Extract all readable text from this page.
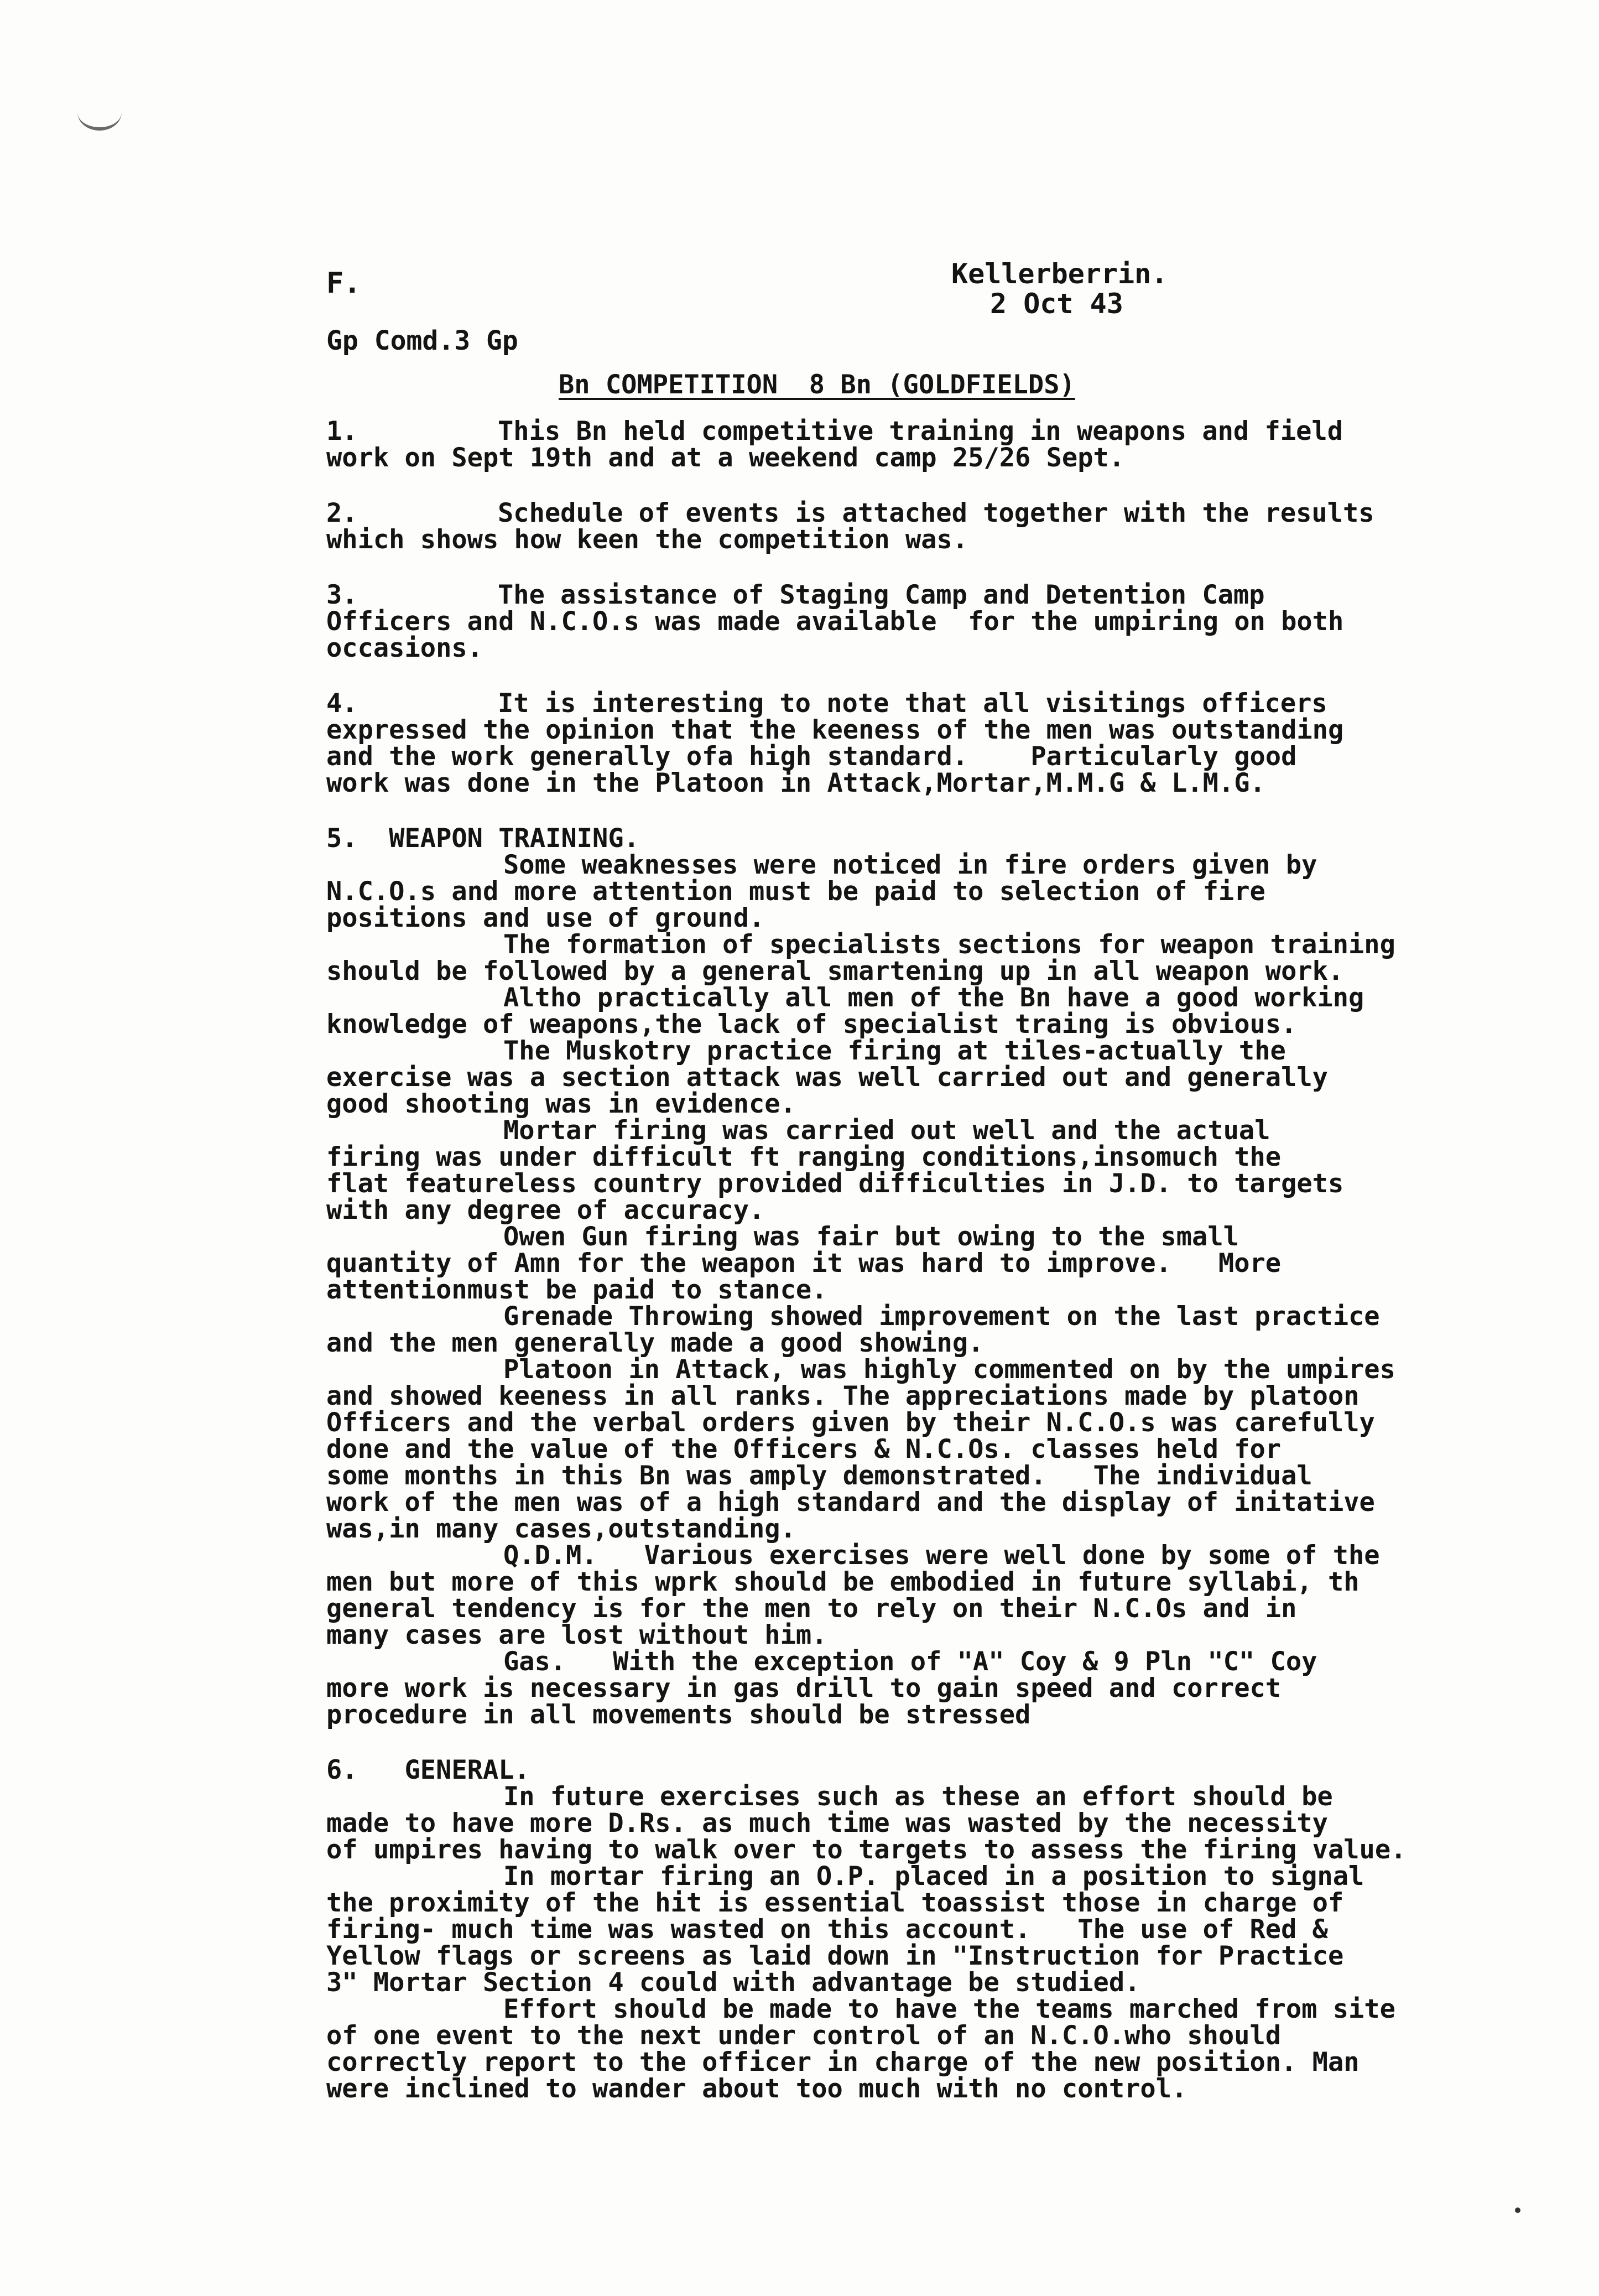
F.	Kellerberrin.
2 Oct 43
Gp Comd.3 Gp
Bn COMPETITION  8 Bn (GOLDFIELDS)
1.	This Bn held competitive training in weapons and field
work on Sept 19th and at a weekend camp 25/26 Sept.
2.	Schedule of events is attached together with the results
which shows how keen the competition was.
3.	The assistance of Staging Camp and Detention Camp
Officers and N.C.O.s was made available  for the umpiring on both
occasions.
4.	It is interesting to note that all visitings officers
expressed the opinion that the keeness of the men was outstanding
and the work generally ofa high standard.    Particularly good
work was done in the Platoon in Attack,Mortar,M.M.G & L.M.G.
5.  WEAPON TRAINING.
Some weaknesses were noticed in fire orders given by
N.C.O.s and more attention must be paid to selection of fire
positions and use of ground.
The formation of specialists sections for weapon training
should be followed by a general smartening up in all weapon work.
Altho practically all men of the Bn have a good working
knowledge of weapons,the lack of specialist traing is obvious.
The Muskotry practice firing at tiles-actually the
exercise was a section attack was well carried out and generally
good shooting was in evidence.
Mortar firing was carried out well and the actual
firing was under difficult ft ranging conditions,insomuch the
flat featureless country provided difficulties in J.D. to targets
with any degree of accuracy.
Owen Gun firing was fair but owing to the small
quantity of Amn for the weapon it was hard to improve.   More
attentionmust be paid to stance.
Grenade Throwing showed improvement on the last practice
and the men generally made a good showing.
Platoon in Attack, was highly commented on by the umpires
and showed keeness in all ranks. The appreciations made by platoon
Officers and the verbal orders given by their N.C.O.s was carefully
done and the value of the Officers & N.C.Os. classes held for
some months in this Bn was amply demonstrated.   The individual
work of the men was of a high standard and the display of initative
was,in many cases,outstanding.
Q.D.M.   Various exercises were well done by some of the
men but more of this wprk should be embodied in future syllabi, th
general tendency is for the men to rely on their N.C.Os and in
many cases are lost without him.
Gas.   With the exception of "A" Coy & 9 Pln "C" Coy
more work is necessary in gas drill to gain speed and correct
procedure in all movements should be stressed
6.   GENERAL.
In future exercises such as these an effort should be
made to have more D.Rs. as much time was wasted by the necessity
of umpires having to walk over to targets to assess the firing value.
In mortar firing an O.P. placed in a position to signal
the proximity of the hit is essential toassist those in charge of
firing- much time was wasted on this account.   The use of Red &
Yellow flags or screens as laid down in "Instruction for Practice
3" Mortar Section 4 could with advantage be studied.
Effort should be made to have the teams marched from site
of one event to the next under control of an N.C.O.who should
correctly report to the officer in charge of the new position. Man
were inclined to wander about too much with no control.
